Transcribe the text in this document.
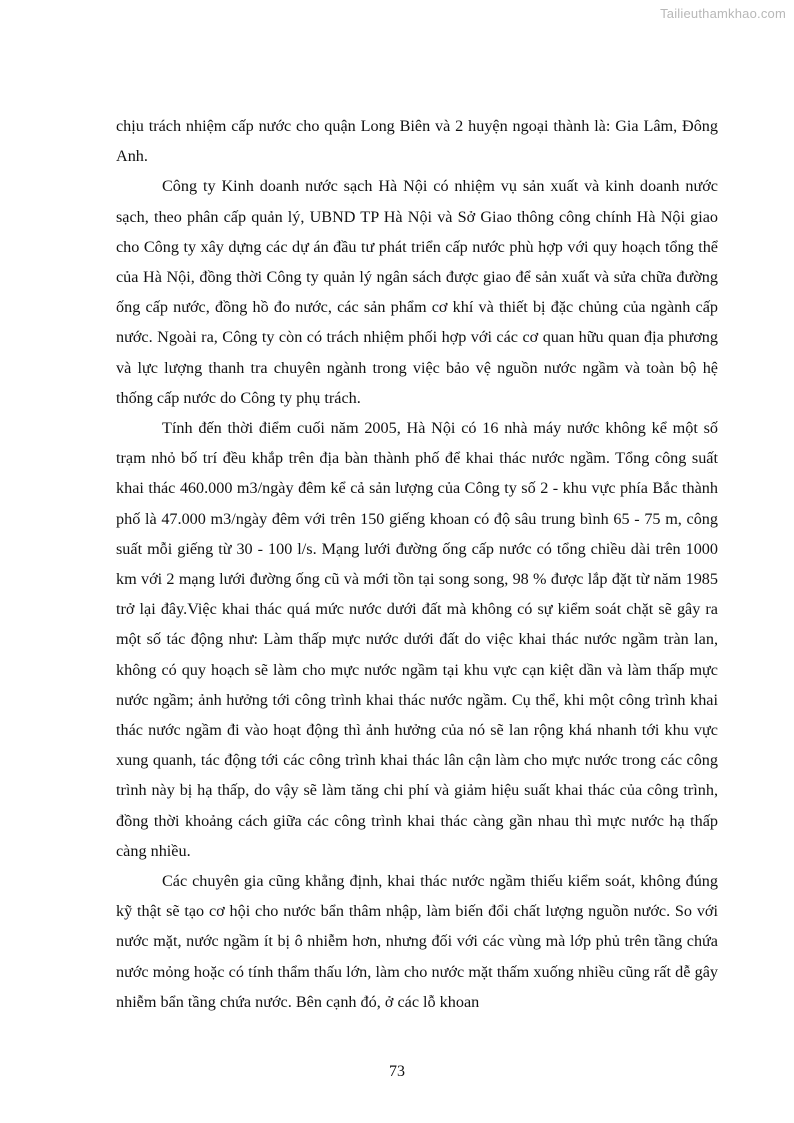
Tailieuthamkhao.com

chịu trách nhiệm cấp nước cho quận Long Biên và 2 huyện ngoại thành là: Gia Lâm, Đông Anh.

Công ty Kinh doanh nước sạch Hà Nội có nhiệm vụ sản xuất và kinh doanh nước sạch, theo phân cấp quản lý, UBND TP Hà Nội và Sở Giao thông công chính Hà Nội giao cho Công ty xây dựng các dự án đầu tư phát triển cấp nước phù hợp với quy hoạch tổng thể của Hà Nội, đồng thời Công ty quản lý ngân sách được giao để sản xuất và sửa chữa đường ống cấp nước, đồng hồ đo nước, các sản phẩm cơ khí và thiết bị đặc chủng của ngành cấp nước. Ngoài ra, Công ty còn có trách nhiệm phối hợp với các cơ quan hữu quan địa phương và lực lượng thanh tra chuyên ngành trong việc bảo vệ nguồn nước ngầm và toàn bộ hệ thống cấp nước do Công ty phụ trách.

Tính đến thời điểm cuối năm 2005, Hà Nội có 16 nhà máy nước không kể một số trạm nhỏ bố trí đều khắp trên địa bàn thành phố để khai thác nước ngầm. Tổng công suất khai thác 460.000 m3/ngày đêm kể cả sản lượng của Công ty số 2 - khu vực phía Bắc thành phố là 47.000 m3/ngày đêm với trên 150 giếng khoan có độ sâu trung bình 65 - 75 m, công suất mỗi giếng từ 30 - 100 l/s. Mạng lưới đường ống cấp nước có tổng chiều dài trên 1000 km với 2 mạng lưới đường ống cũ và mới tồn tại song song, 98 % được lắp đặt từ năm 1985 trở lại đây.Việc khai thác quá mức nước dưới đất mà không có sự kiểm soát chặt sẽ gây ra một số tác động như: Làm thấp mực nước dưới đất do việc khai thác nước ngầm tràn lan, không có quy hoạch sẽ làm cho mực nước ngầm tại khu vực cạn kiệt dần và làm thấp mực nước ngầm; ảnh hưởng tới công trình khai thác nước ngầm. Cụ thể, khi một công trình khai thác nước ngầm đi vào hoạt động thì ảnh hưởng của nó sẽ lan rộng khá nhanh tới khu vực xung quanh, tác động tới các công trình khai thác lân cận làm cho mực nước trong các công trình này bị hạ thấp, do vậy sẽ làm tăng chi phí và giảm hiệu suất khai thác của công trình, đồng thời khoảng cách giữa các công trình khai thác càng gần nhau thì mực nước hạ thấp càng nhiều.

Các chuyên gia cũng khẳng định, khai thác nước ngầm thiếu kiểm soát, không đúng kỹ thật sẽ tạo cơ hội cho nước bẩn thâm nhập, làm biến đổi chất lượng nguồn nước. So với nước mặt, nước ngầm ít bị ô nhiễm hơn, nhưng đối với các vùng mà lớp phủ trên tầng chứa nước mỏng hoặc có tính thẩm thấu lớn, làm cho nước mặt thấm xuống nhiều cũng rất dễ gây nhiễm bẩn tầng chứa nước. Bên cạnh đó, ở các lỗ khoan

73
